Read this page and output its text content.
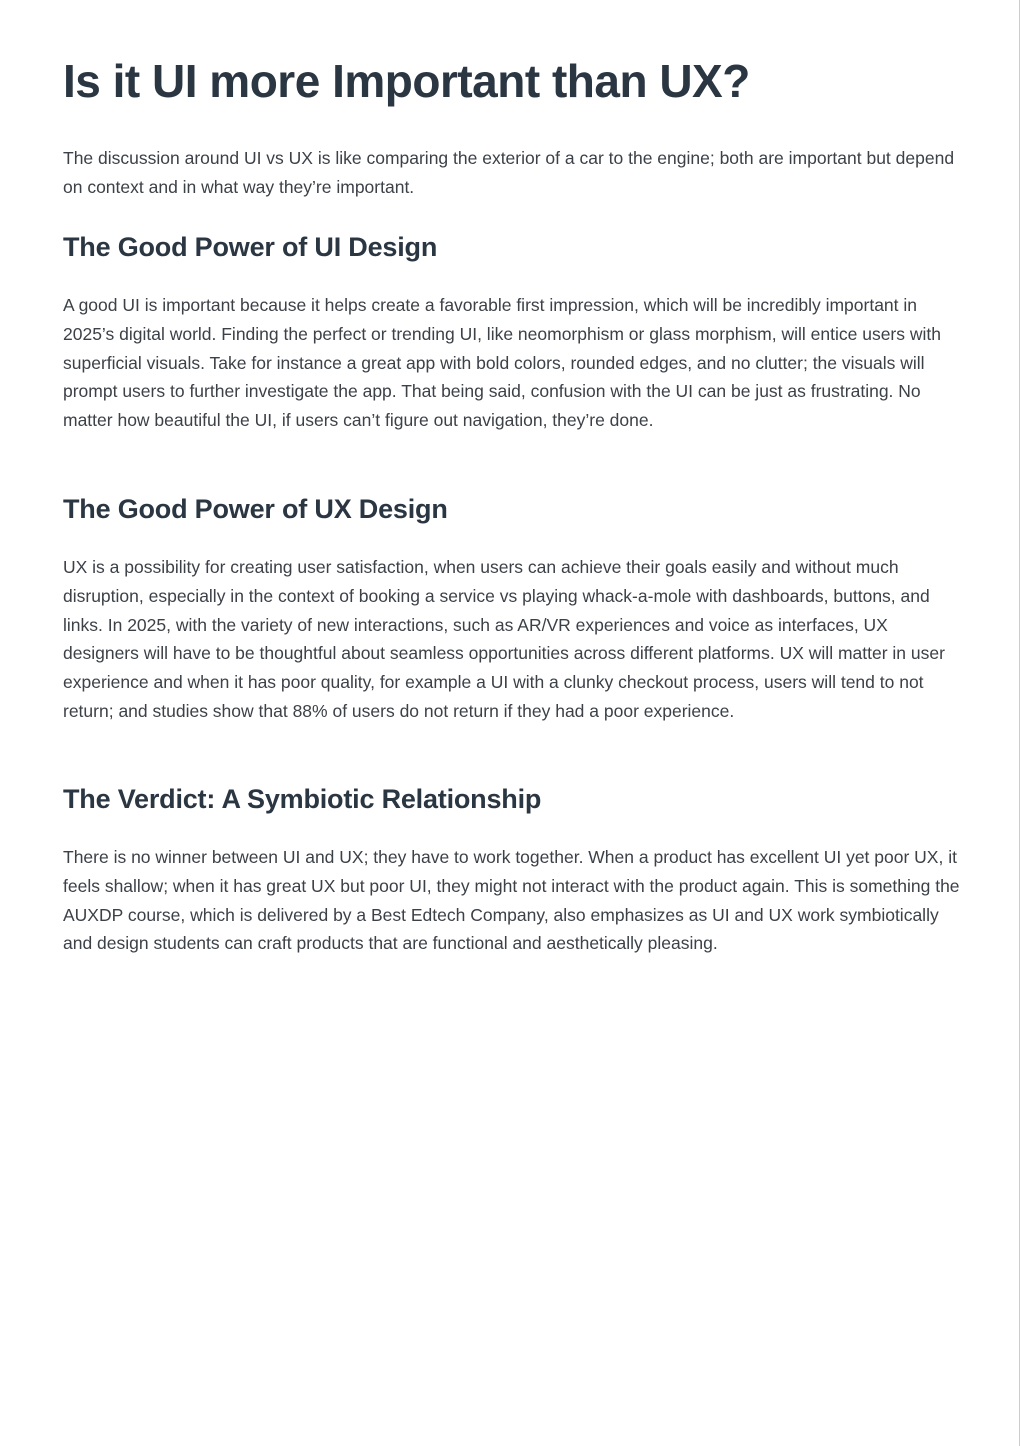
Is it UI more Important than UX?

The discussion around UI vs UX is like comparing the exterior of a car to the engine; both are important but depend on context and in what way they’re important.

The Good Power of UI Design

A good UI is important because it helps create a favorable first impression, which will be incredibly important in 2025’s digital world. Finding the perfect or trending UI, like neomorphism or glass morphism, will entice users with superficial visuals. Take for instance a great app with bold colors, rounded edges, and no clutter; the visuals will prompt users to further investigate the app. That being said, confusion with the UI can be just as frustrating. No matter how beautiful the UI, if users can’t figure out navigation, they’re done.

The Good Power of UX Design

UX is a possibility for creating user satisfaction, when users can achieve their goals easily and without much disruption, especially in the context of booking a service vs playing whack-a-mole with dashboards, buttons, and links. In 2025, with the variety of new interactions, such as AR/VR experiences and voice as interfaces, UX designers will have to be thoughtful about seamless opportunities across different platforms. UX will matter in user experience and when it has poor quality, for example a UI with a clunky checkout process, users will tend to not return; and studies show that 88% of users do not return if they had a poor experience.

The Verdict: A Symbiotic Relationship

There is no winner between UI and UX; they have to work together. When a product has excellent UI yet poor UX, it feels shallow; when it has great UX but poor UI, they might not interact with the product again. This is something the AUXDP course, which is delivered by a Best Edtech Company, also emphasizes as UI and UX work symbiotically and design students can craft products that are functional and aesthetically pleasing.
